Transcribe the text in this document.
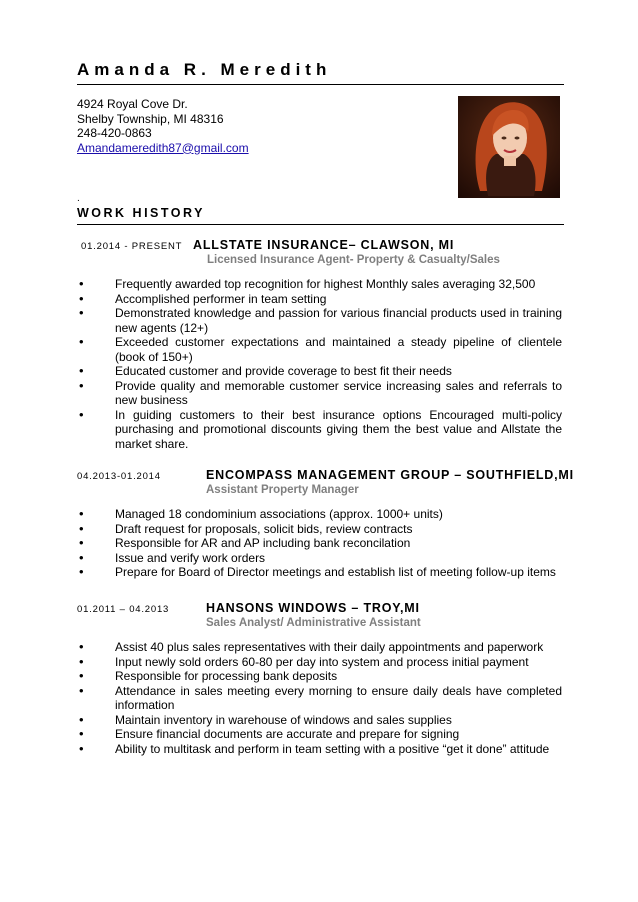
Amanda R. Meredith
4924 Royal Cove Dr.
Shelby Township, MI 48316
248-420-0863
Amandameredith87@gmail.com
.
WORK HISTORY
01.2014 - PRESENT ALLSTATE INSURANCE– CLAWSON, MI
Licensed Insurance Agent- Property & Casualty/Sales
• Frequently awarded top recognition for highest Monthly sales averaging 32,500
• Accomplished performer in team setting
• Demonstrated knowledge and passion for various financial products used in training new agents (12+)
• Exceeded customer expectations and maintained a steady pipeline of clientele (book of 150+)
• Educated customer and provide coverage to best fit their needs
• Provide quality and memorable customer service increasing sales and referrals to new business
• In guiding customers to their best insurance options Encouraged multi-policy purchasing and promotional discounts giving them the best value and Allstate the market share.
04.2013-01.2014	ENCOMPASS MANAGEMENT GROUP – SOUTHFIELD,MI
Assistant Property Manager
• Managed 18 condominium associations (approx. 1000+ units)
• Draft request for proposals, solicit bids, review contracts
• Responsible for AR and AP including bank reconcilation
• Issue and verify work orders
• Prepare for Board of Director meetings and establish list of meeting follow-up items
01.2011 – 04.2013	HANSONS WINDOWS – TROY,MI
Sales Analyst/ Administrative Assistant
• Assist 40 plus sales representatives with their daily appointments and paperwork
• Input newly sold orders 60-80 per day into system and process initial payment
• Responsible for processing bank deposits
• Attendance in sales meeting every morning to ensure daily deals have completed information
• Maintain inventory in warehouse of windows and sales supplies
• Ensure financial documents are accurate and prepare for signing
• Ability to multitask and perform in team setting with a positive “get it done” attitude
